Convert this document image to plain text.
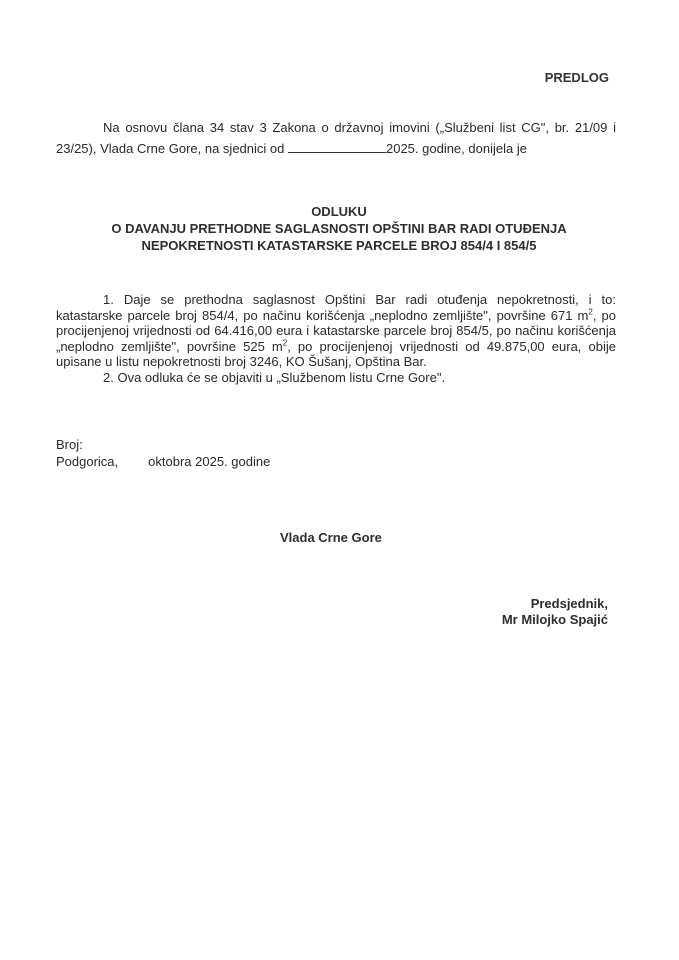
PREDLOG
Na osnovu člana 34 stav 3 Zakona o državnoj imovini („Službeni list CG", br. 21/09 i 23/25), Vlada Crne Gore, na sjednici od	2025. godine, donijela je
ODLUKU
O DAVANJU PRETHODNE SAGLASNOSTI OPŠTINI BAR RADI OTUĐENJA
NEPOKRETNOSTI KATASTARSKE PARCELE BROJ 854/4 I 854/5

1. Daje se prethodna saglasnost Opštini Bar radi otuđenja nepokretnosti, i to: katastarske parcele broj 854/4, po načinu korišćenja „neplodno zemljište", površine 671 $m^2$, po procijenjenoj vrijednosti od 64.416,00 eura i katastarske parcele broj 854/5, po načinu korišćenja „neplodno zemljište", površine 525 $m^2$, po procijenjenoj vrijednosti od 49.875,00 eura, obije upisane u listu nepokretnosti broj 3246, KO Šušanj, Opština Bar.

2. Ova odluka će se objaviti u „Službenom listu Crne Gore".

Broj:
Podgorica, oktobra 2025. godine
Vlada Crne Gore
Predsjednik,
Mr Milojko Spajić
